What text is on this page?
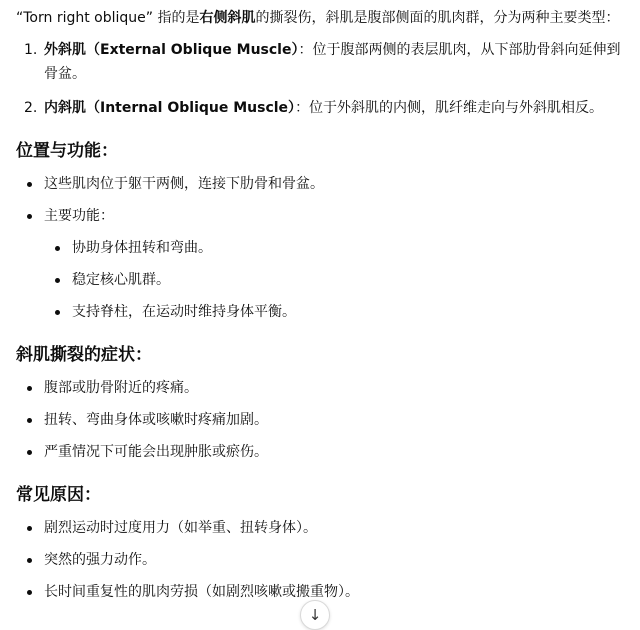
“Torn right oblique” 指的是右侧斜肌的撕裂伤，斜肌是腹部侧面的肌肉群，分为两种主要类型：

1. 外斜肌（External Oblique Muscle）：位于腹部两侧的表层肌肉，从下部肋骨斜向延伸到骨盆。
2. 内斜肌（Internal Oblique Muscle）：位于外斜肌的内侧，肌纤维走向与外斜肌相反。
位置与功能：
这些肌肉位于躯干两侧，连接下肋骨和骨盆。
主要功能：
协助身体扭转和弯曲。
稳定核心肌群。
支持脊柱，在运动时维持身体平衡。
斜肌撕裂的症状：
腹部或肋骨附近的疼痛。
扭转、弯曲身体或咳嗽时疼痛加剧。
严重情况下可能会出现肿胀或瘀伤。
常见原因：
剧烈运动时过度用力（如举重、扭转身体）。
突然的强力动作。
长时间重复性的肌肉劳损（如剧烈咳嗽或搬重物）。
↓
